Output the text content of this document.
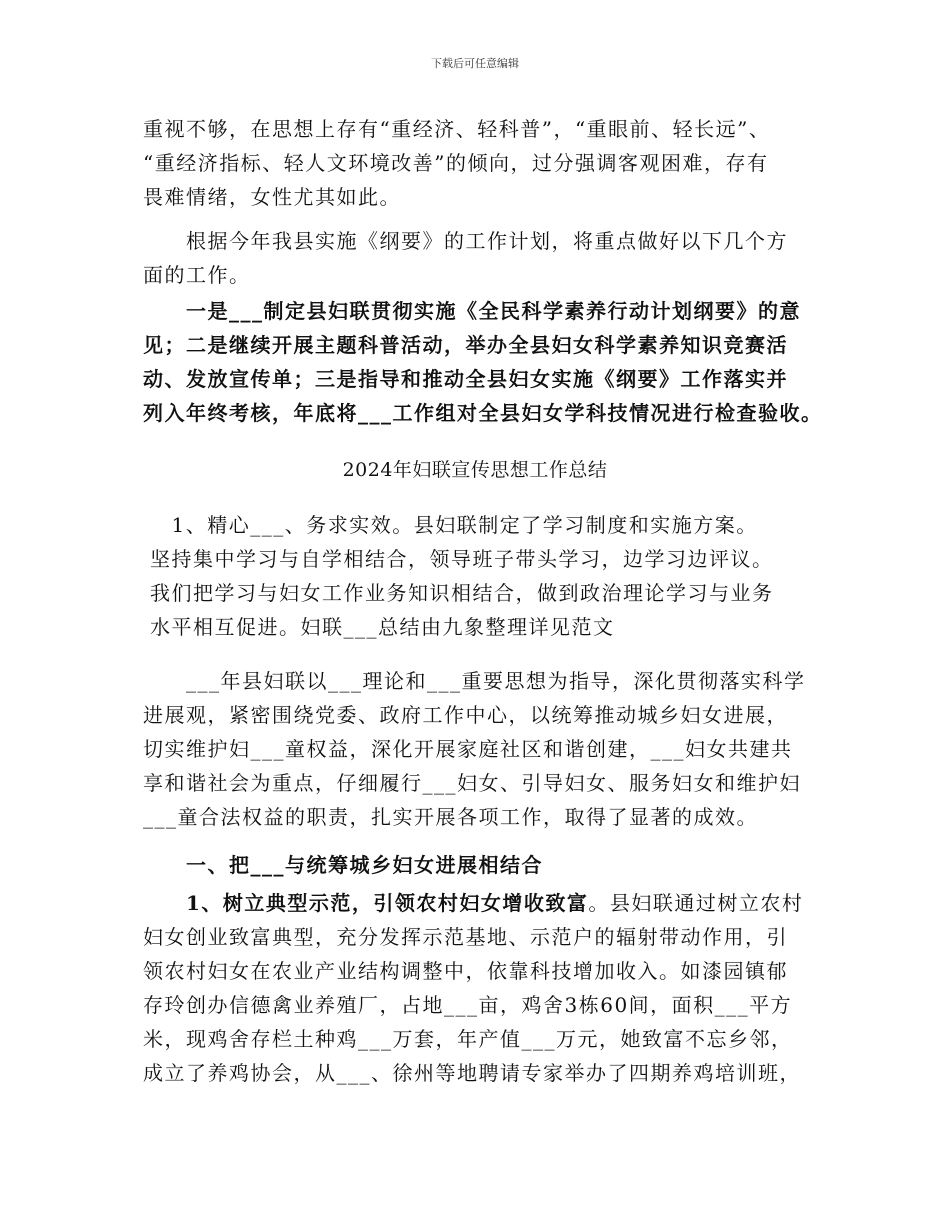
下载后可任意编辑
重视不够，在思想上存有“重经济、轻科普”，“重眼前、轻长远”、
“重经济指标、轻人文环境改善”的倾向，过分强调客观困难，存有
畏难情绪，女性尤其如此。
　　根据今年我县实施《纲要》的工作计划，将重点做好以下几个方
面的工作。
　　一是___制定县妇联贯彻实施《全民科学素养行动计划纲要》的意
见；二是继续开展主题科普活动，举办全县妇女科学素养知识竞赛活
动、发放宣传单；三是指导和推动全县妇女实施《纲要》工作落实并
列入年终考核，年底将___工作组对全县妇女学科技情况进行检查验收。
2024年妇联宣传思想工作总结
　1、精心___、务求实效。县妇联制定了学习制度和实施方案。
坚持集中学习与自学相结合，领导班子带头学习，边学习边评议。
我们把学习与妇女工作业务知识相结合，做到政治理论学习与业务
水平相互促进。妇联___总结由九象整理详见范文
　　___年县妇联以___理论和___重要思想为指导，深化贯彻落实科学
进展观，紧密围绕党委、政府工作中心，以统筹推动城乡妇女进展，
切实维护妇___童权益，深化开展家庭社区和谐创建，___妇女共建共
享和谐社会为重点，仔细履行___妇女、引导妇女、服务妇女和维护妇
___童合法权益的职责，扎实开展各项工作，取得了显著的成效。
　　一、把___与统筹城乡妇女进展相结合
　　1、树立典型示范，引领农村妇女增收致富。县妇联通过树立农村
妇女创业致富典型，充分发挥示范基地、示范户的辐射带动作用，引
领农村妇女在农业产业结构调整中，依靠科技增加收入。如漆园镇郁
存玲创办信德禽业养殖厂，占地___亩，鸡舍3栋60间，面积___平方
米，现鸡舍存栏土种鸡___万套，年产值___万元，她致富不忘乡邻，
成立了养鸡协会，从___、徐州等地聘请专家举办了四期养鸡培训班，
